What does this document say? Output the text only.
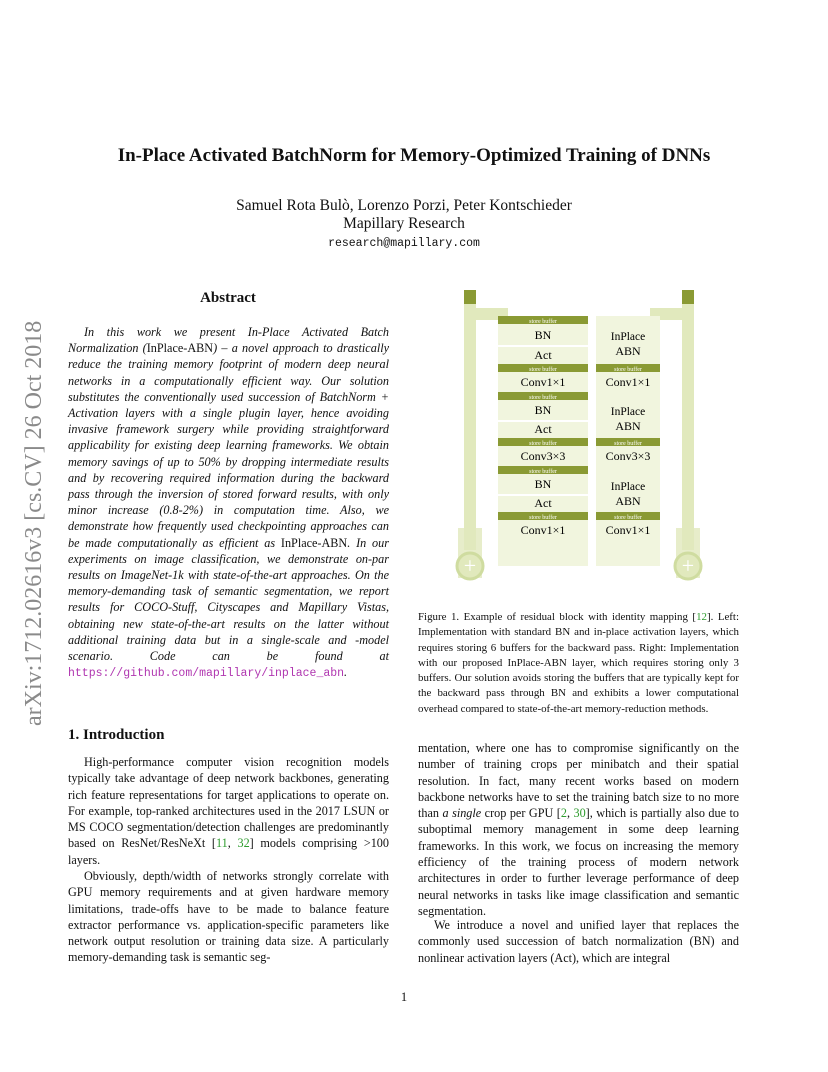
arXiv:1712.02616v3 [cs.CV] 26 Oct 2018
In-Place Activated BatchNorm for Memory-Optimized Training of DNNs
Samuel Rota Bulò, Lorenzo Porzi, Peter Kontschieder
Mapillary Research
research@mapillary.com
Abstract
In this work we present In-Place Activated Batch Normalization (InPlace-ABN) – a novel approach to drastically reduce the training memory footprint of modern deep neural networks in a computationally efficient way. Our solution substitutes the conventionally used succession of BatchNorm + Activation layers with a single plugin layer, hence avoiding invasive framework surgery while providing straightforward applicability for existing deep learning frameworks. We obtain memory savings of up to 50% by dropping intermediate results and by recovering required information during the backward pass through the inversion of stored forward results, with only minor increase (0.8-2%) in computation time. Also, we demonstrate how frequently used checkpointing approaches can be made computationally as efficient as InPlace-ABN. In our experiments on image classification, we demonstrate on-par results on ImageNet-1k with state-of-the-art approaches. On the memory-demanding task of semantic segmentation, we report results for COCO-Stuff, Cityscapes and Mapillary Vistas, obtaining new state-of-the-art results on the latter without additional training data but in a single-scale and -model scenario. Code can be found at https://github.com/mapillary/inplace_abn.
1. Introduction
High-performance computer vision recognition models typically take advantage of deep network backbones, generating rich feature representations for target applications to operate on. For example, top-ranked architectures used in the 2017 LSUN or MS COCO segmentation/detection challenges are predominantly based on ResNet/ResNeXt [11, 32] models comprising >100 layers.
Obviously, depth/width of networks strongly correlate with GPU memory requirements and at given hardware memory limitations, trade-offs have to be made to balance feature extractor performance vs. application-specific parameters like network output resolution or training data size. A particularly memory-demanding task is semantic seg-
mentation, where one has to compromise significantly on the number of training crops per minibatch and their spatial resolution. In fact, many recent works based on modern backbone networks have to set the training batch size to no more than a single crop per GPU [2, 30], which is partially also due to suboptimal memory management in some deep learning frameworks. In this work, we focus on increasing the memory efficiency of the training process of modern network architectures in order to further leverage performance of deep neural networks in tasks like image classification and semantic segmentation.
We introduce a novel and unified layer that replaces the commonly used succession of batch normalization (BN) and nonlinear activation layers (Act), which are integral
+
store buffer
BN
Act
store buffer
Conv1×1
store buffer
BN
Act
store buffer
Conv3×3
store buffer
BN
Act
store buffer
Conv1×1
+
InPlace
ABN
store buffer
Conv1×1
InPlace
ABN
store buffer
Conv3×3
InPlace
ABN
store buffer
Conv1×1
Figure 1. Example of residual block with identity mapping [12]. Left: Implementation with standard BN and in-place activation layers, which requires storing 6 buffers for the backward pass. Right: Implementation with our proposed InPlace-ABN layer, which requires storing only 3 buffers. Our solution avoids storing the buffers that are typically kept for the backward pass through BN and exhibits a lower computational overhead compared to state-of-the-art memory-reduction methods.
1
